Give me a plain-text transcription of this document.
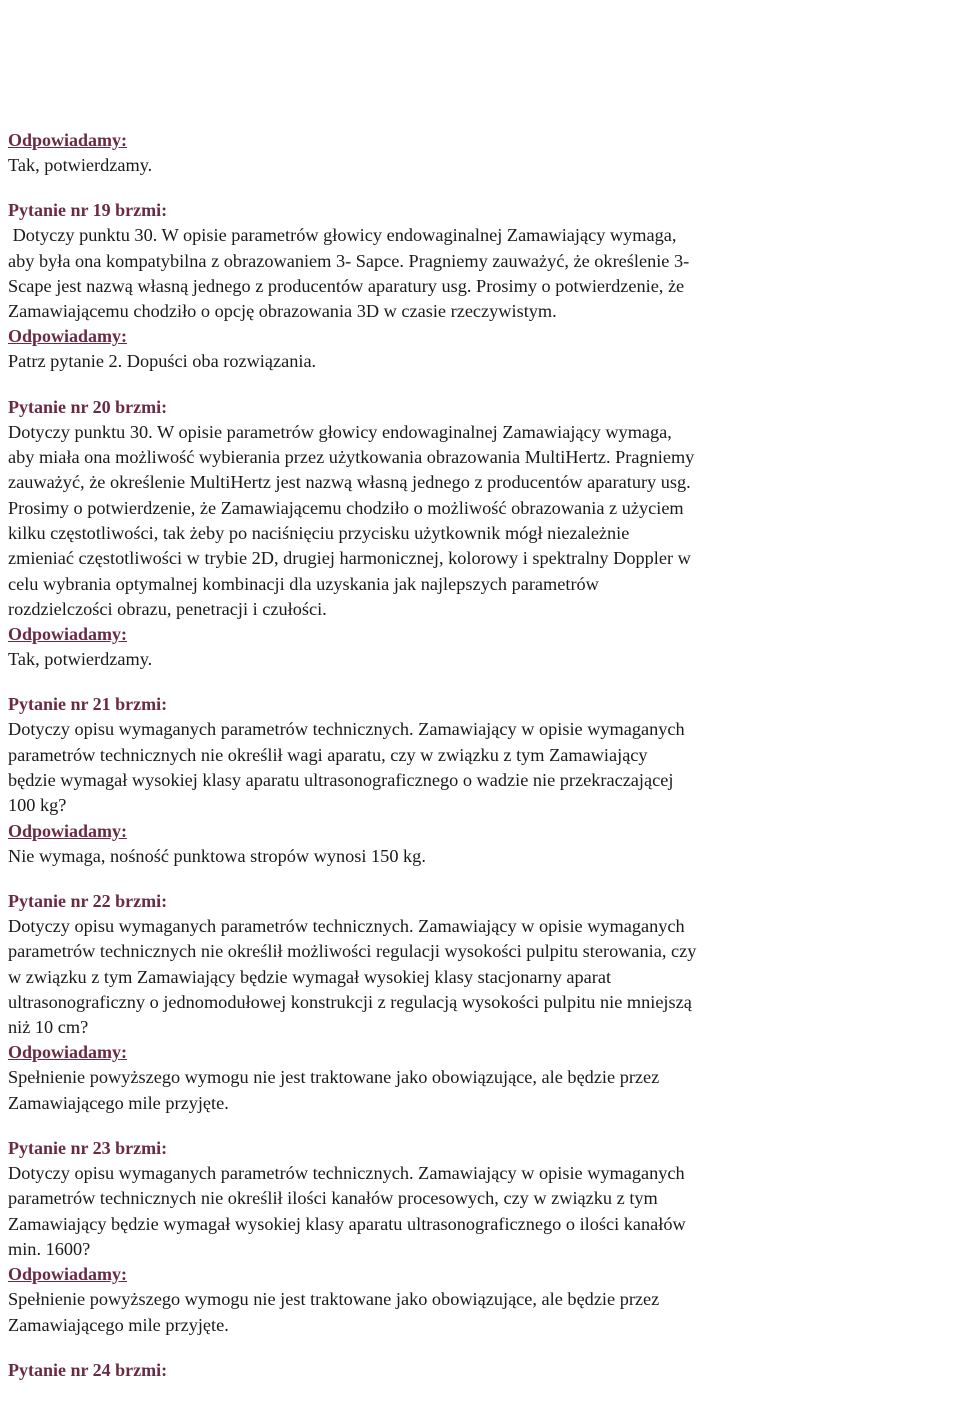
Odpowiadamy:
Tak, potwierdzamy.
Pytanie nr 19 brzmi:
Dotyczy punktu 30. W opisie parametrów głowicy endowaginalnej Zamawiający wymaga,
aby była ona kompatybilna z obrazowaniem 3- Sapce. Pragniemy zauważyć, że określenie 3-
Scape jest nazwą własną jednego z producentów aparatury usg. Prosimy o potwierdzenie, że
Zamawiającemu chodziło o opcję obrazowania 3D w czasie rzeczywistym.
Odpowiadamy:
Patrz pytanie 2. Dopuści oba rozwiązania.
Pytanie nr 20 brzmi:
Dotyczy punktu 30. W opisie parametrów głowicy endowaginalnej Zamawiający wymaga,
aby miała ona możliwość wybierania przez użytkowania obrazowania MultiHertz. Pragniemy
zauważyć, że określenie MultiHertz jest nazwą własną jednego z producentów aparatury usg.
Prosimy o potwierdzenie, że Zamawiającemu chodziło o możliwość obrazowania z użyciem
kilku częstotliwości, tak żeby po naciśnięciu przycisku użytkownik mógł niezależnie
zmieniać częstotliwości w trybie 2D, drugiej harmonicznej, kolorowy i spektralny Doppler w
celu wybrania optymalnej kombinacji dla uzyskania jak najlepszych parametrów
rozdzielczości obrazu, penetracji i czułości.
Odpowiadamy:
Tak, potwierdzamy.
Pytanie nr 21 brzmi:
Dotyczy opisu wymaganych parametrów technicznych. Zamawiający w opisie wymaganych
parametrów technicznych nie określił wagi aparatu, czy w związku z tym Zamawiający
będzie wymagał wysokiej klasy aparatu ultrasonograficznego o wadzie nie przekraczającej
100 kg?
Odpowiadamy:
Nie wymaga, nośność punktowa stropów wynosi 150 kg.
Pytanie nr 22 brzmi:
Dotyczy opisu wymaganych parametrów technicznych. Zamawiający w opisie wymaganych
parametrów technicznych nie określił możliwości regulacji wysokości pulpitu sterowania, czy
w związku z tym Zamawiający będzie wymagał wysokiej klasy stacjonarny aparat
ultrasonograficzny o jednomodułowej konstrukcji z regulacją wysokości pulpitu nie mniejszą
niż 10 cm?
Odpowiadamy:
Spełnienie powyższego wymogu nie jest traktowane jako obowiązujące, ale będzie przez
Zamawiającego mile przyjęte.
Pytanie nr 23 brzmi:
Dotyczy opisu wymaganych parametrów technicznych. Zamawiający w opisie wymaganych
parametrów technicznych nie określił ilości kanałów procesowych, czy w związku z tym
Zamawiający będzie wymagał wysokiej klasy aparatu ultrasonograficznego o ilości kanałów
min. 1600?
Odpowiadamy:
Spełnienie powyższego wymogu nie jest traktowane jako obowiązujące, ale będzie przez
Zamawiającego mile przyjęte.
Pytanie nr 24 brzmi:
